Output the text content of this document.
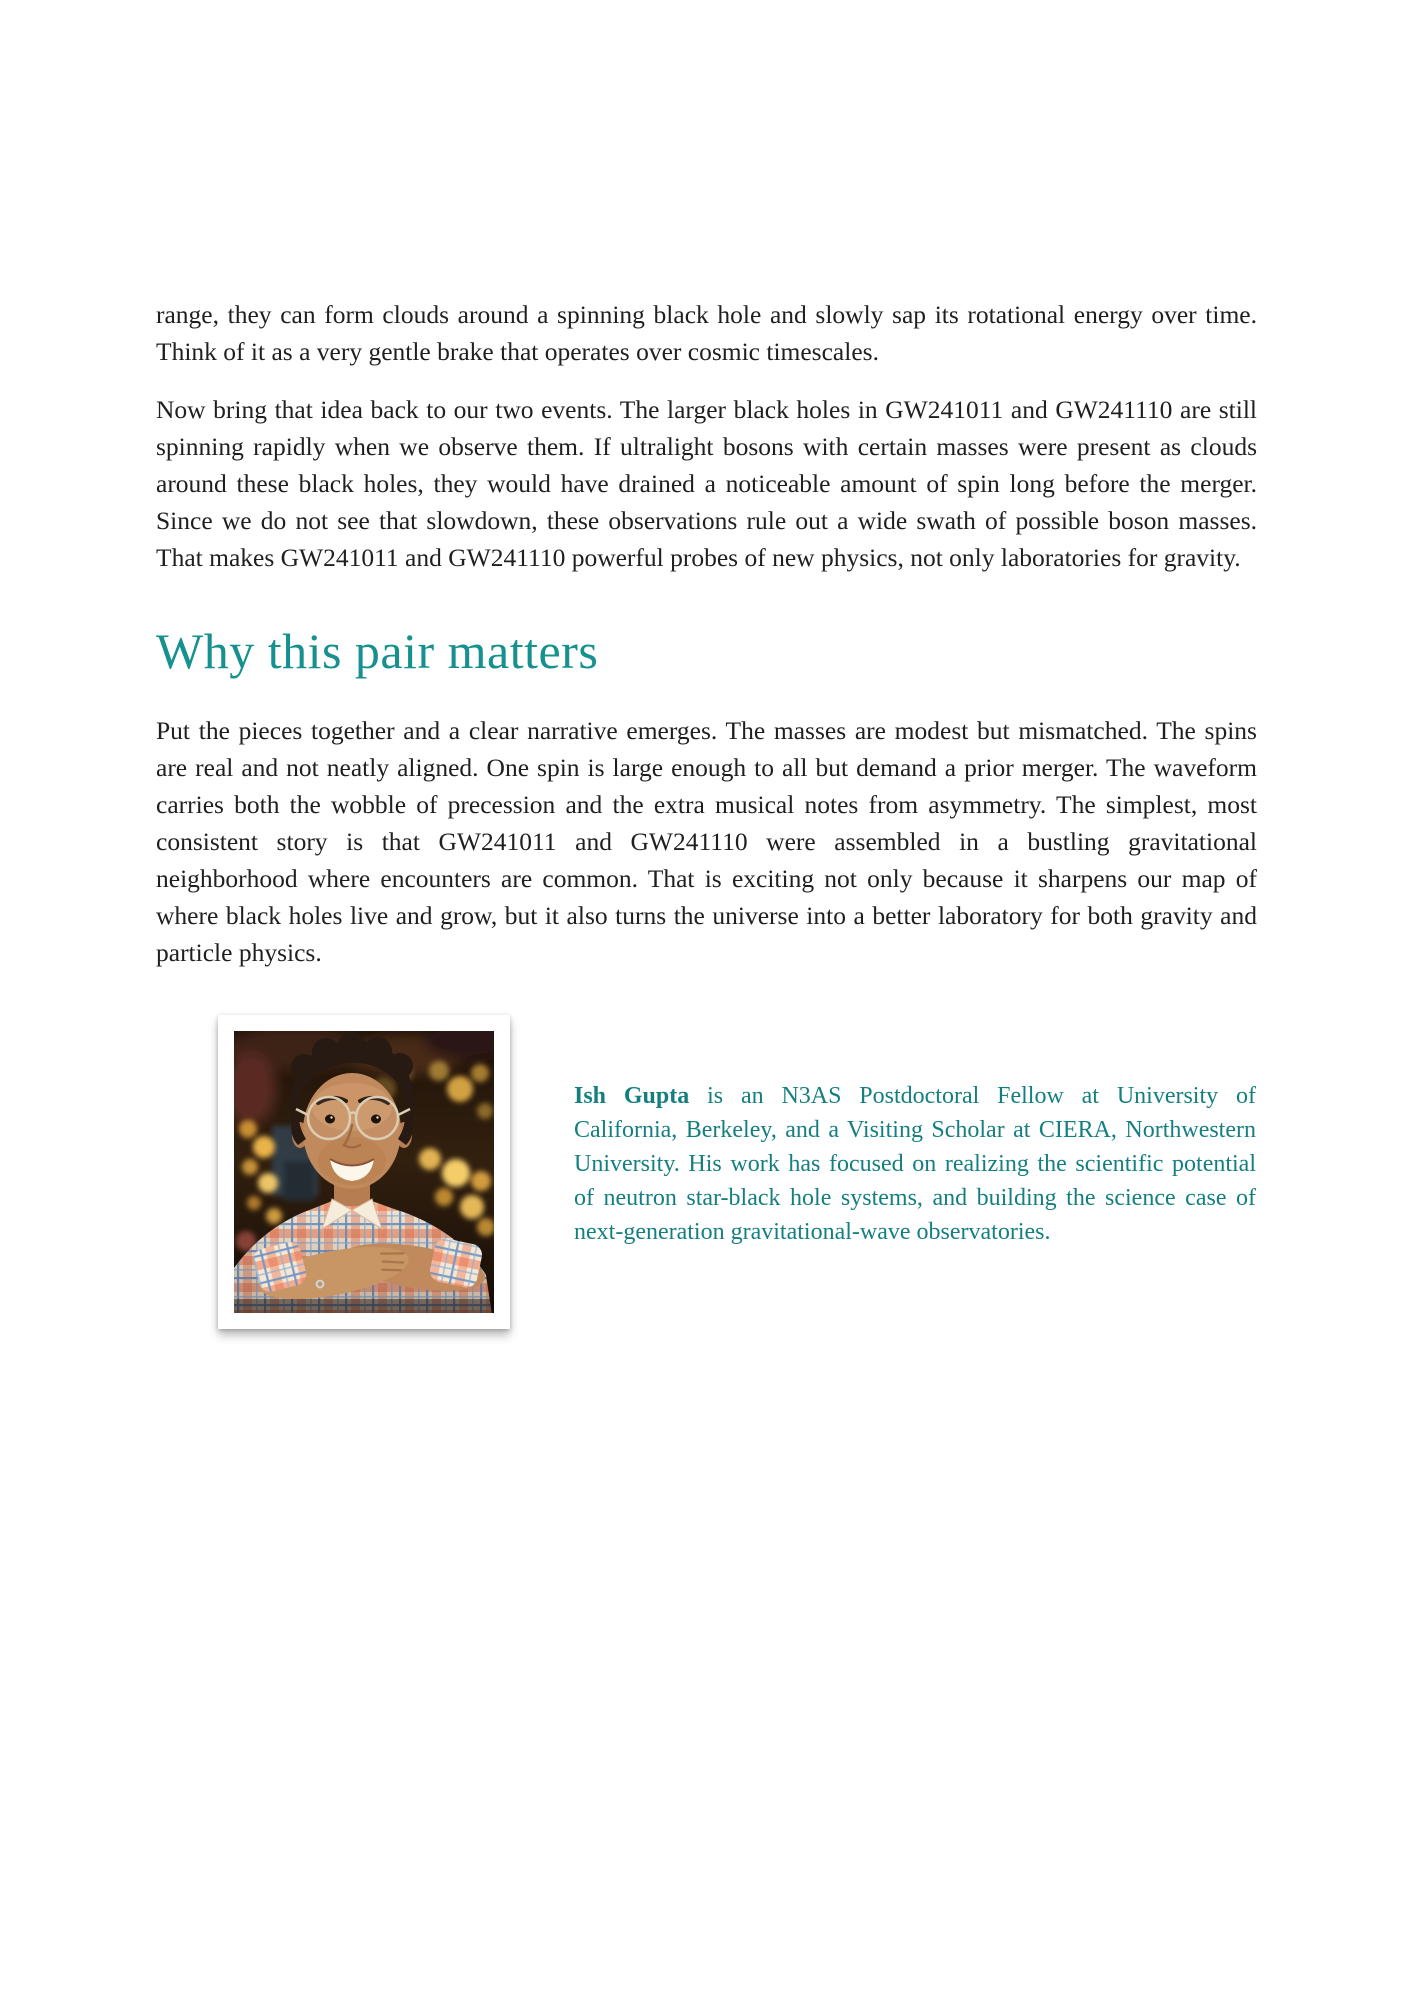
range, they can form clouds around a spinning black hole and slowly sap its rotational energy over time. Think of it as a very gentle brake that operates over cosmic timescales.

Now bring that idea back to our two events. The larger black holes in GW241011 and GW241110 are still spinning rapidly when we observe them. If ultralight bosons with certain masses were present as clouds around these black holes, they would have drained a noticeable amount of spin long before the merger. Since we do not see that slowdown, these observations rule out a wide swath of possible boson masses. That makes GW241011 and GW241110 powerful probes of new physics, not only laboratories for gravity.

Why this pair matters

Put the pieces together and a clear narrative emerges. The masses are modest but mismatched. The spins are real and not neatly aligned. One spin is large enough to all but demand a prior merger. The waveform carries both the wobble of precession and the extra musical notes from asymmetry. The simplest, most consistent story is that GW241011 and GW241110 were assembled in a bustling gravitational neighborhood where encounters are common. That is exciting not only because it sharpens our map of where black holes live and grow, but it also turns the universe into a better laboratory for both gravity and particle physics.

Ish Gupta is an N3AS Postdoctoral Fellow at University of California, Berkeley, and a Visiting Scholar at CIERA, Northwestern University. His work has focused on realizing the scientific potential of neutron star-black hole systems, and building the science case of next-generation gravitational-wave observatories.
